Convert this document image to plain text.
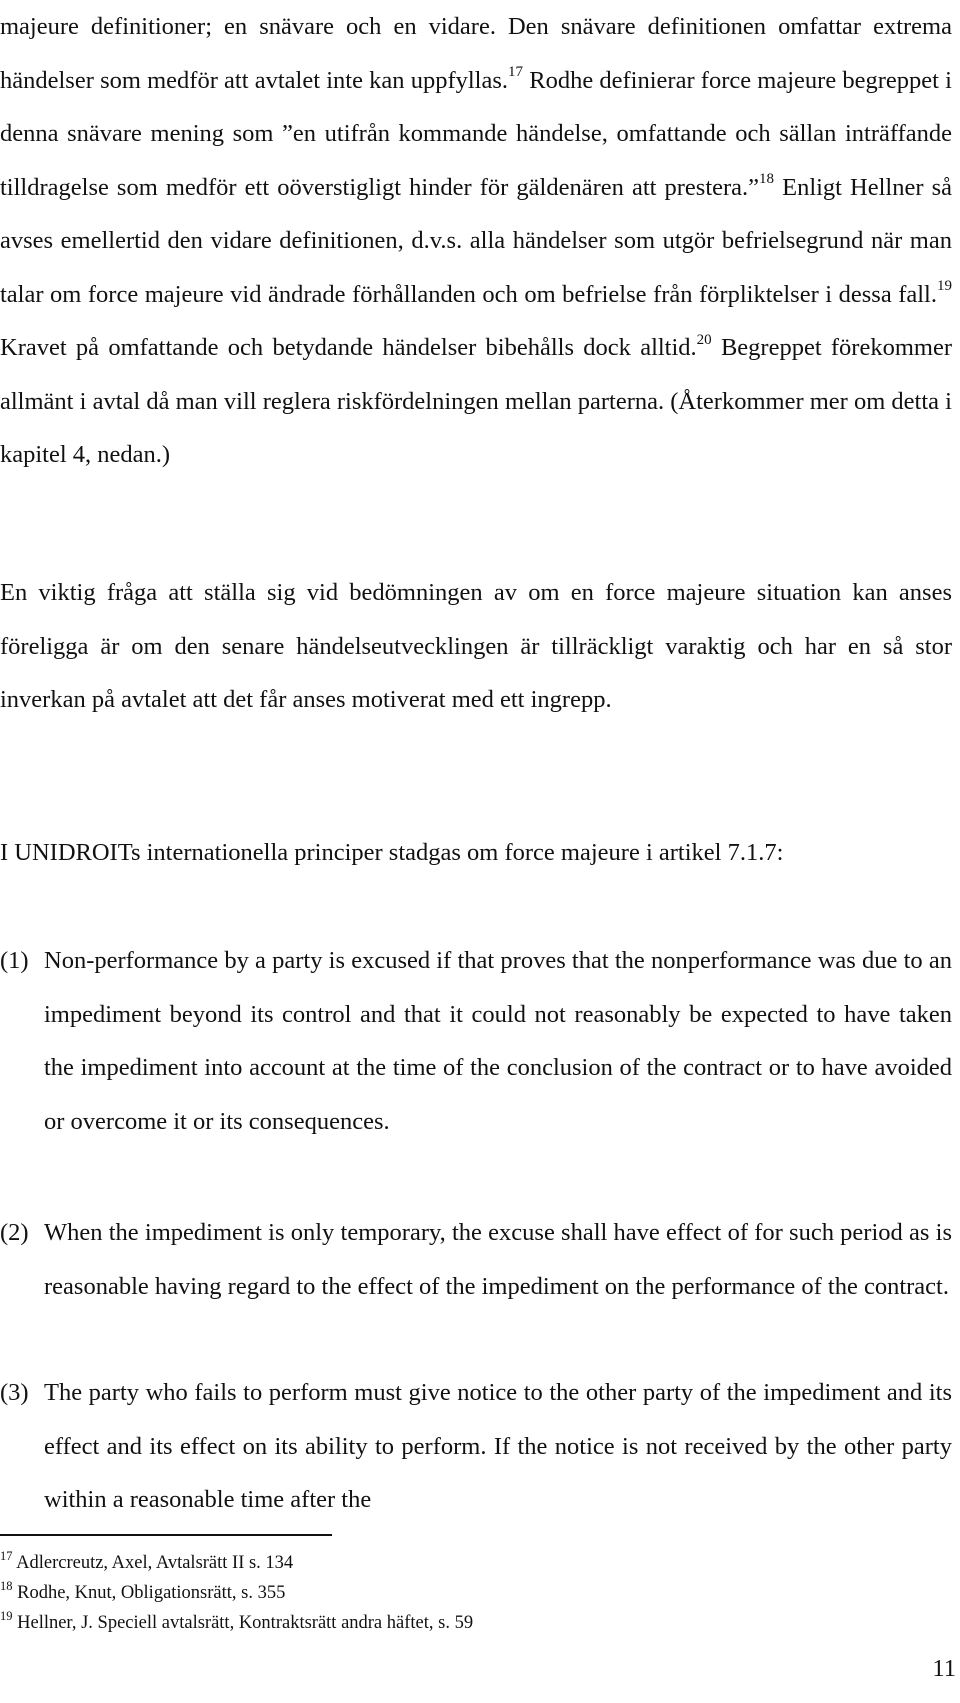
majeure definitioner; en snävare och en vidare. Den snävare definitionen omfattar extrema händelser som medför att avtalet inte kan uppfyllas.$^{17}$ Rodhe definierar force majeure begreppet i denna snävare mening som ”en utifrån kommande händelse, omfattande och sällan inträffande tilldragelse som medför ett oöverstigligt hinder för gäldenären att prestera.”$^{18}$ Enligt Hellner så avses emellertid den vidare definitionen, d.v.s. alla händelser som utgör befrielsegrund när man talar om force majeure vid ändrade förhållanden och om befrielse från förpliktelser i dessa fall.$^{19}$ Kravet på omfattande och betydande händelser bibehålls dock alltid.$^{20}$ Begreppet förekommer allmänt i avtal då man vill reglera riskfördelningen mellan parterna. (Återkommer mer om detta i kapitel 4, nedan.)
En viktig fråga att ställa sig vid bedömningen av om en force majeure situation kan anses föreligga är om den senare händelseutvecklingen är tillräckligt varaktig och har en så stor inverkan på avtalet att det får anses motiverat med ett ingrepp.
I UNIDROITs internationella principer stadgas om force majeure i artikel 7.1.7:
(1) Non-performance by a party is excused if that proves that the nonperformance was due to an impediment beyond its control and that it could not reasonably be expected to have taken the impediment into account at the time of the conclusion of the contract or to have avoided or overcome it or its consequences.
(2) When the impediment is only temporary, the excuse shall have effect of for such period as is reasonable having regard to the effect of the impediment on the performance of the contract.
(3) The party who fails to perform must give notice to the other party of the impediment and its effect and its effect on its ability to perform. If the notice is not received by the other party within a reasonable time after the
$^{17}$ Adlercreutz, Axel, Avtalsrätt II s. 134
$^{18}$ Rodhe, Knut, Obligationsrätt, s. 355
$^{19}$ Hellner, J. Speciell avtalsrätt, Kontraktsrätt andra häftet, s. 59
11
